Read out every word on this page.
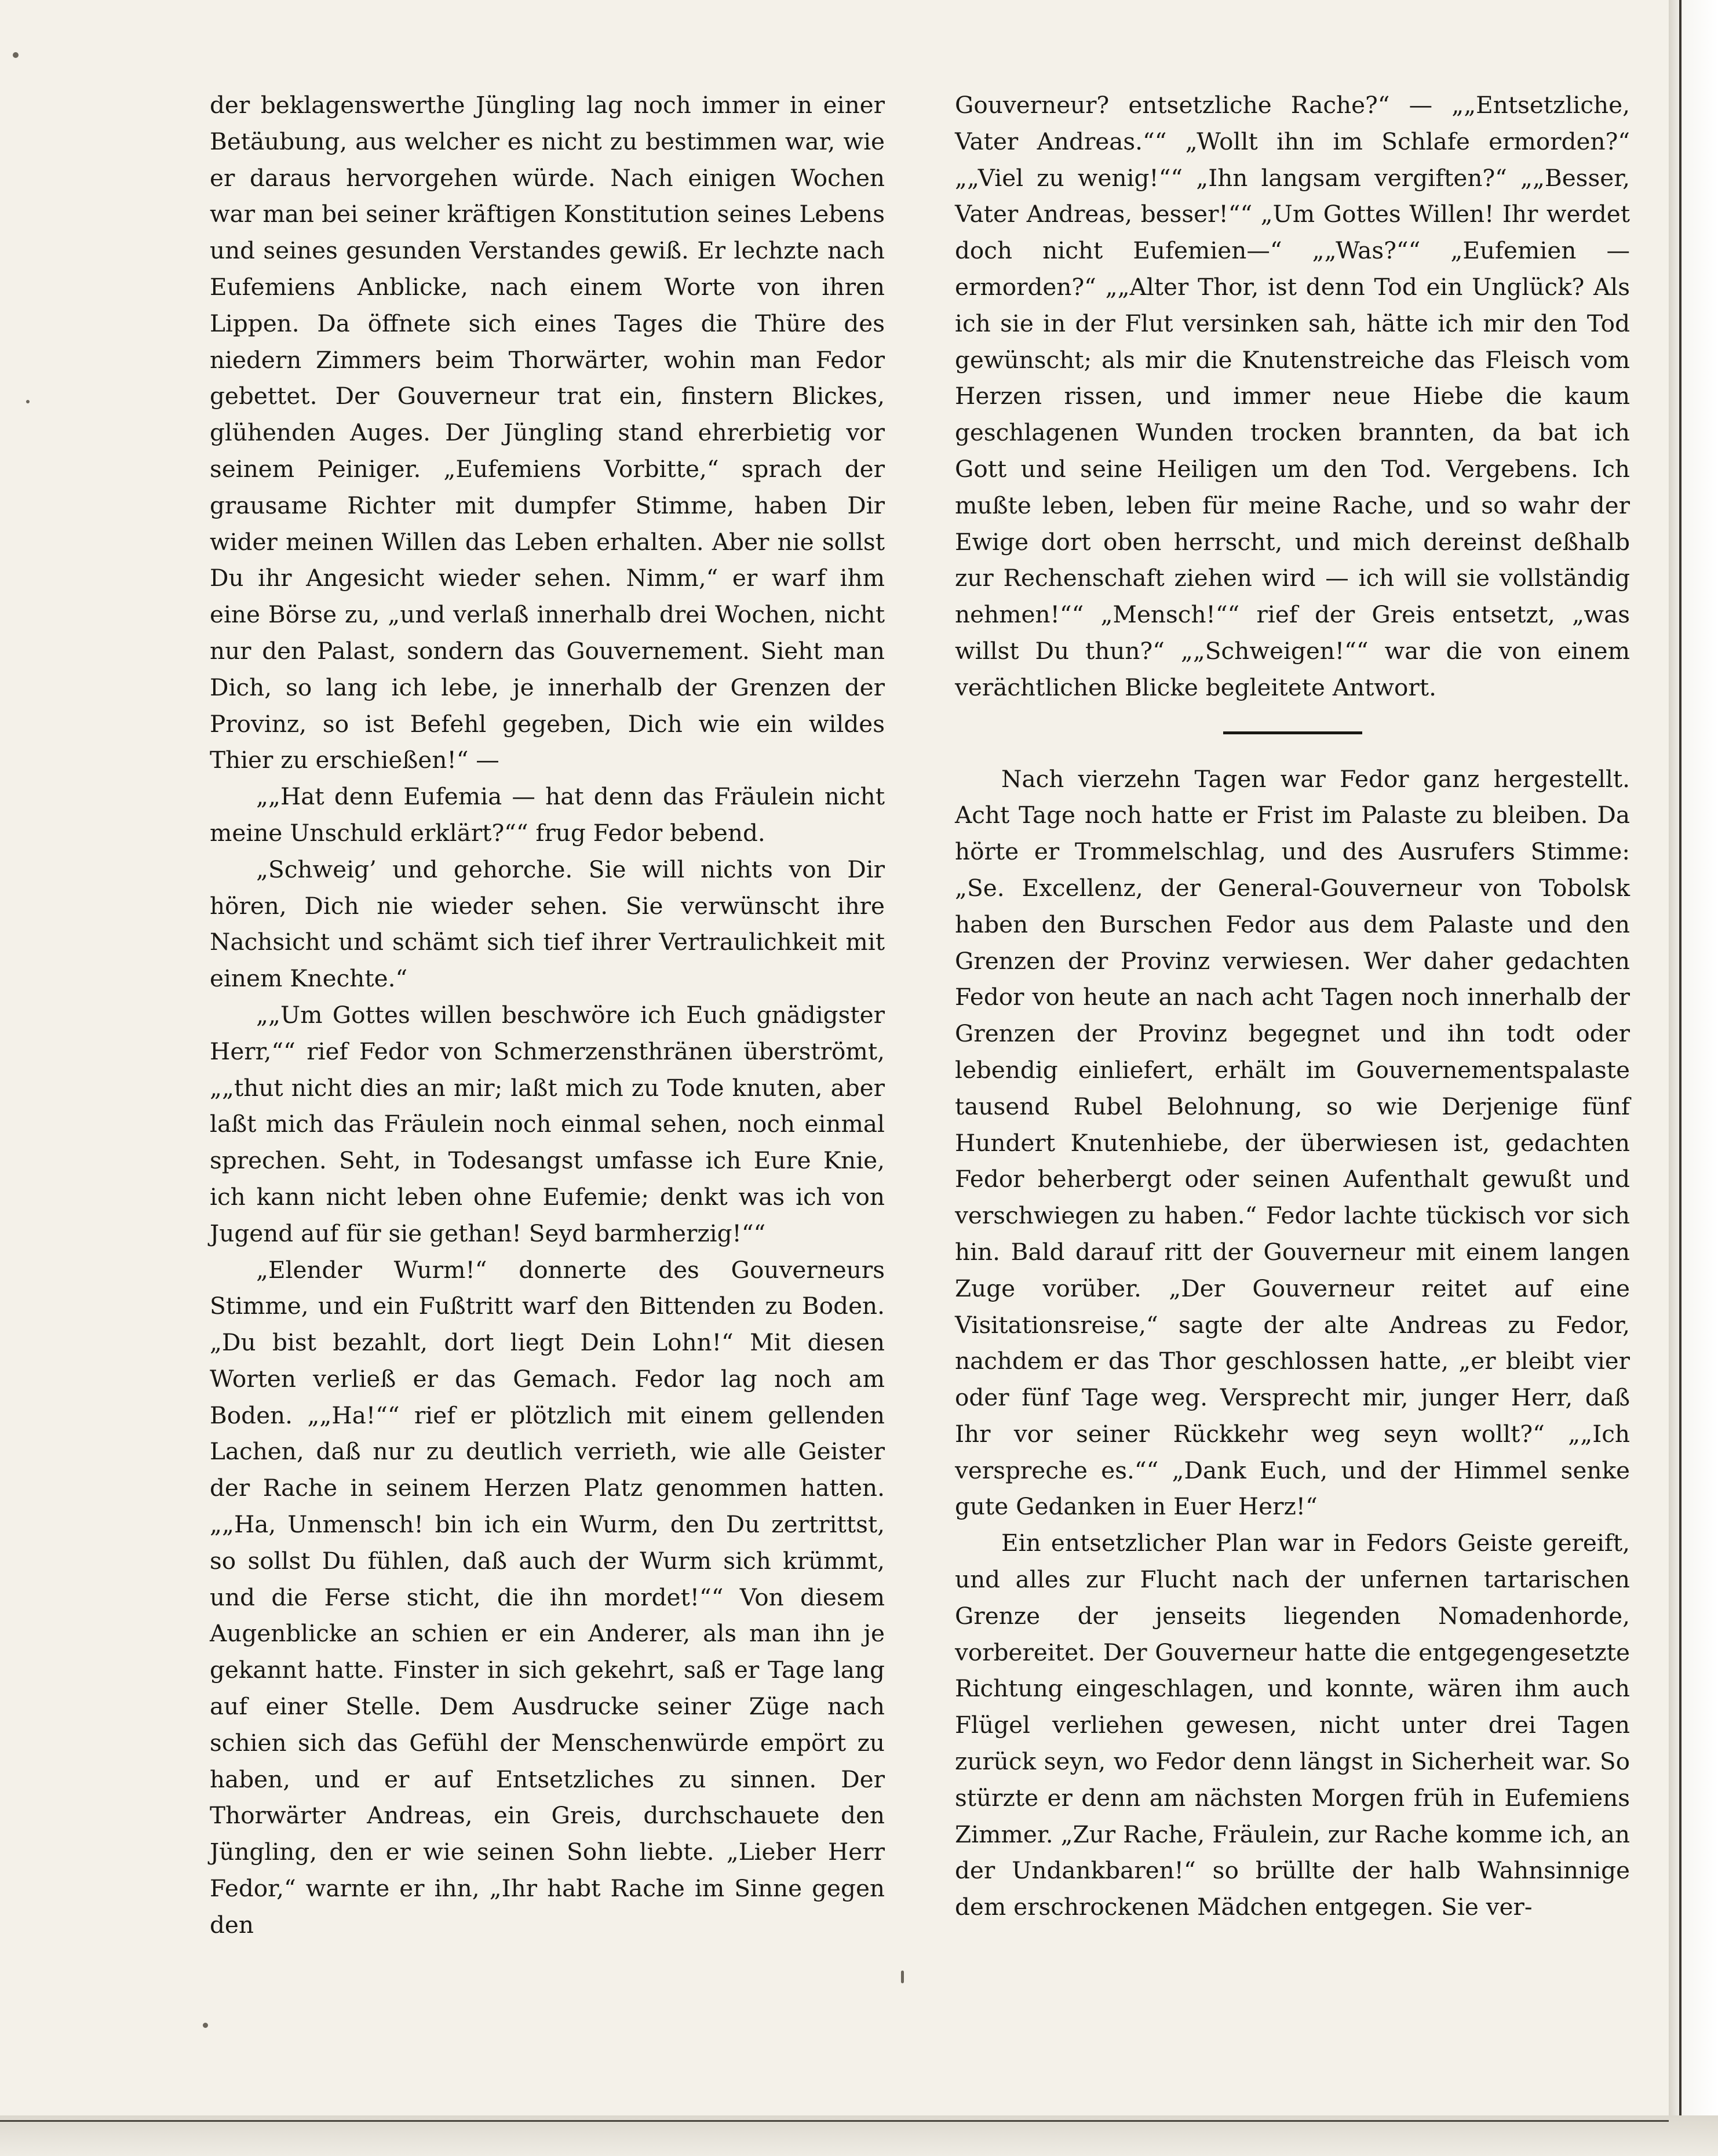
der beklagenswerthe Jüngling lag noch immer in einer Betäubung, aus welcher es nicht zu bestimmen war, wie er daraus hervorgehen würde. Nach einigen Wochen war man bei seiner kräftigen Konstitution seines Lebens und seines gesunden Verstandes gewiß. Er lechzte nach Eufemiens Anblicke, nach einem Worte von ihren Lippen. Da öffnete sich eines Tages die Thüre des niedern Zimmers beim Thorwärter, wohin man Fedor gebettet. Der Gouverneur trat ein, finstern Blickes, glühenden Auges. Der Jüngling stand ehrerbietig vor seinem Peiniger. „Eufemiens Vorbitte,“ sprach der grausame Richter mit dumpfer Stimme, haben Dir wider meinen Willen das Leben erhalten. Aber nie sollst Du ihr Angesicht wieder sehen. Nimm,“ er warf ihm eine Börse zu, „und verlaß innerhalb drei Wochen, nicht nur den Palast, sondern das Gouvernement. Sieht man Dich, so lang ich lebe, je innerhalb der Grenzen der Provinz, so ist Befehl gegeben, Dich wie ein wildes Thier zu erschießen!“ —

„„Hat denn Eufemia — hat denn das Fräulein nicht meine Unschuld erklärt?““ frug Fedor bebend.

„Schweig’ und gehorche. Sie will nichts von Dir hören, Dich nie wieder sehen. Sie verwünscht ihre Nachsicht und schämt sich tief ihrer Vertraulichkeit mit einem Knechte.“

„„Um Gottes willen beschwöre ich Euch gnädigster Herr,““ rief Fedor von Schmerzensthränen überströmt, „„thut nicht dies an mir; laßt mich zu Tode knuten, aber laßt mich das Fräulein noch einmal sehen, noch einmal sprechen. Seht, in Todesangst umfasse ich Eure Knie, ich kann nicht leben ohne Eufemie; denkt was ich von Jugend auf für sie gethan! Seyd barmherzig!““

„Elender Wurm!“ donnerte des Gouverneurs Stimme, und ein Fußtritt warf den Bittenden zu Boden. „Du bist bezahlt, dort liegt Dein Lohn!“ Mit diesen Worten verließ er das Gemach. Fedor lag noch am Boden. „„Ha!““ rief er plötzlich mit einem gellenden Lachen, daß nur zu deutlich verrieth, wie alle Geister der Rache in seinem Herzen Platz genommen hatten. „„Ha, Unmensch! bin ich ein Wurm, den Du zertrittst, so sollst Du fühlen, daß auch der Wurm sich krümmt, und die Ferse sticht, die ihn mordet!““ Von diesem Augenblicke an schien er ein Anderer, als man ihn je gekannt hatte. Finster in sich gekehrt, saß er Tage lang auf einer Stelle. Dem Ausdrucke seiner Züge nach schien sich das Gefühl der Menschenwürde empört zu haben, und er auf Entsetzliches zu sinnen. Der Thorwärter Andreas, ein Greis, durchschauete den Jüngling, den er wie seinen Sohn liebte. „Lieber Herr Fedor,“ warnte er ihn, „Ihr habt Rache im Sinne gegen den

Gouverneur? entsetzliche Rache?“ — „„Entsetzliche, Vater Andreas.““ „Wollt ihn im Schlafe ermorden?“ „„Viel zu wenig!““ „Ihn langsam vergiften?“ „„Besser, Vater Andreas, besser!““ „Um Gottes Willen! Ihr werdet doch nicht Eufemien—“ „„Was?““ „Eufemien — ermorden?“ „„Alter Thor, ist denn Tod ein Unglück? Als ich sie in der Flut versinken sah, hätte ich mir den Tod gewünscht; als mir die Knutenstreiche das Fleisch vom Herzen rissen, und immer neue Hiebe die kaum geschlagenen Wunden trocken brannten, da bat ich Gott und seine Heiligen um den Tod. Vergebens. Ich mußte leben, leben für meine Rache, und so wahr der Ewige dort oben herrscht, und mich dereinst deßhalb zur Rechenschaft ziehen wird — ich will sie vollständig nehmen!““ „Mensch!““ rief der Greis entsetzt, „was willst Du thun?“ „„Schweigen!““ war die von einem verächtlichen Blicke begleitete Antwort.

Nach vierzehn Tagen war Fedor ganz hergestellt. Acht Tage noch hatte er Frist im Palaste zu bleiben. Da hörte er Trommelschlag, und des Ausrufers Stimme: „Se. Excellenz, der General-Gouverneur von Tobolsk haben den Burschen Fedor aus dem Palaste und den Grenzen der Provinz verwiesen. Wer daher gedachten Fedor von heute an nach acht Tagen noch innerhalb der Grenzen der Provinz begegnet und ihn todt oder lebendig einliefert, erhält im Gouvernementspalaste tausend Rubel Belohnung, so wie Derjenige fünf Hundert Knutenhiebe, der überwiesen ist, gedachten Fedor beherbergt oder seinen Aufenthalt gewußt und verschwiegen zu haben.“ Fedor lachte tückisch vor sich hin. Bald darauf ritt der Gouverneur mit einem langen Zuge vorüber. „Der Gouverneur reitet auf eine Visitationsreise,“ sagte der alte Andreas zu Fedor, nachdem er das Thor geschlossen hatte, „er bleibt vier oder fünf Tage weg. Versprecht mir, junger Herr, daß Ihr vor seiner Rückkehr weg seyn wollt?“ „„Ich verspreche es.““ „Dank Euch, und der Himmel senke gute Gedanken in Euer Herz!“

Ein entsetzlicher Plan war in Fedors Geiste gereift, und alles zur Flucht nach der unfernen tartarischen Grenze der jenseits liegenden Nomadenhorde, vorbereitet. Der Gouverneur hatte die entgegengesetzte Richtung eingeschlagen, und konnte, wären ihm auch Flügel verliehen gewesen, nicht unter drei Tagen zurück seyn, wo Fedor denn längst in Sicherheit war. So stürzte er denn am nächsten Morgen früh in Eufemiens Zimmer. „Zur Rache, Fräulein, zur Rache komme ich, an der Undankbaren!“ so brüllte der halb Wahnsinnige dem erschrockenen Mädchen entgegen. Sie ver-
